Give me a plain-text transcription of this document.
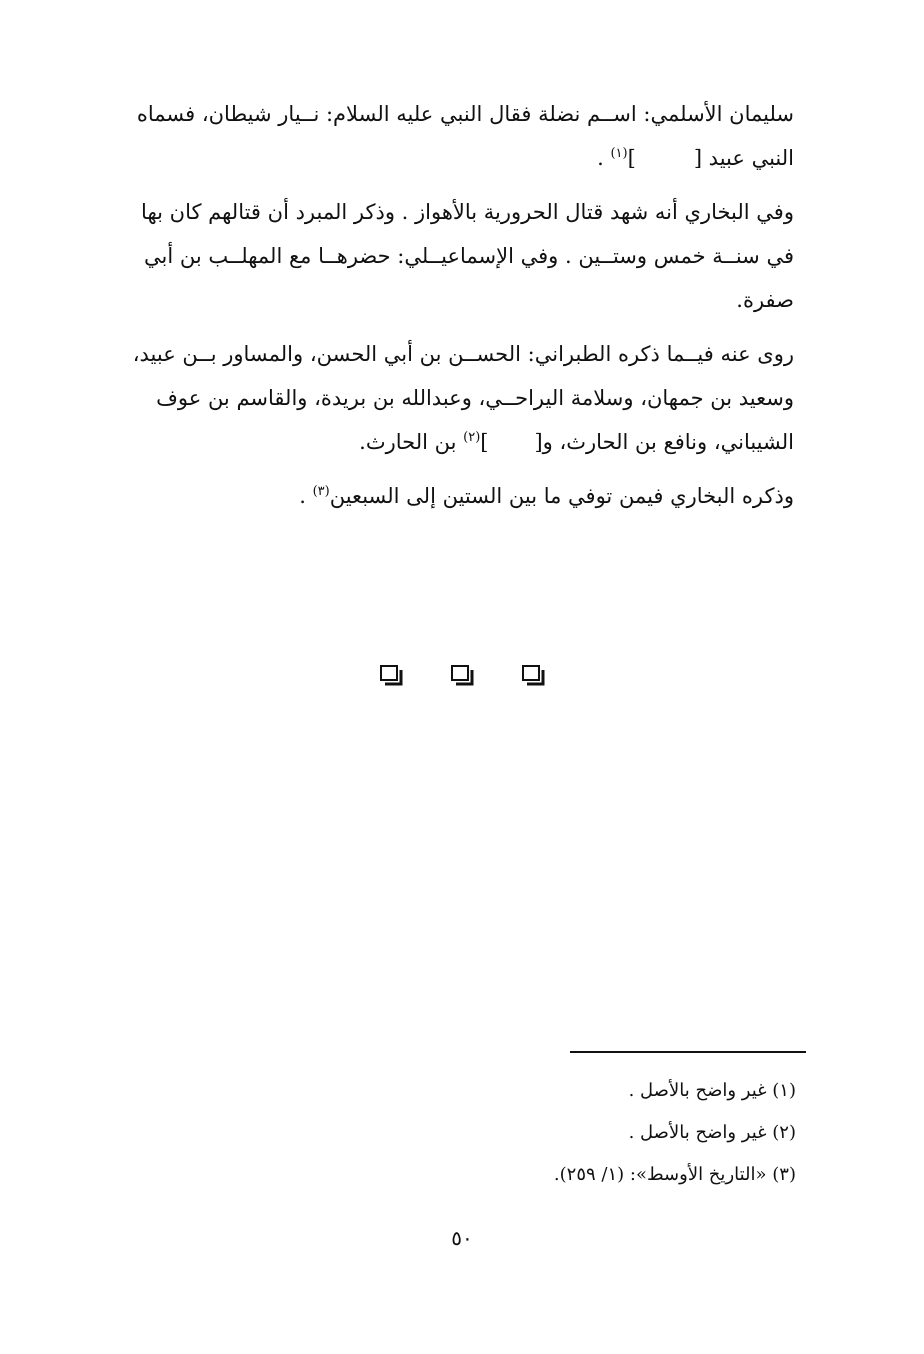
سليمان الأسلمي: اســم نضلة فقال النبي عليه السلام: نــيار شيطان، فسماه
النبي عبيد []$^{(١)}$ .

وفي البخاري أنه شهد قتال الحرورية بالأهواز . وذكر المبرد أن قتالهم كان بها
في سنــة خمس وستــين . وفي الإسماعيــلي: حضرهــا مع المهلــب بن أبي
صفرة.

روى عنه فيــما ذكره الطبراني: الحســن بن أبي الحسن، والمساور بــن عبيد،
وسعيد بن جمهان، وسلامة اليراحــي، وعبدالله بن بريدة، والقاسم بن عوف
الشيباني، ونافع بن الحارث، و[]$^{(٢)}$ بن الحارث.

وذكره البخاري فيمن توفي ما بين الستين إلى السبعين$^{(٣)}$ .

(١) غير واضح بالأصل .

(٢) غير واضح بالأصل .

(٣) «التاريخ الأوسط»: (١/ ٢٥٩).

٥٠
